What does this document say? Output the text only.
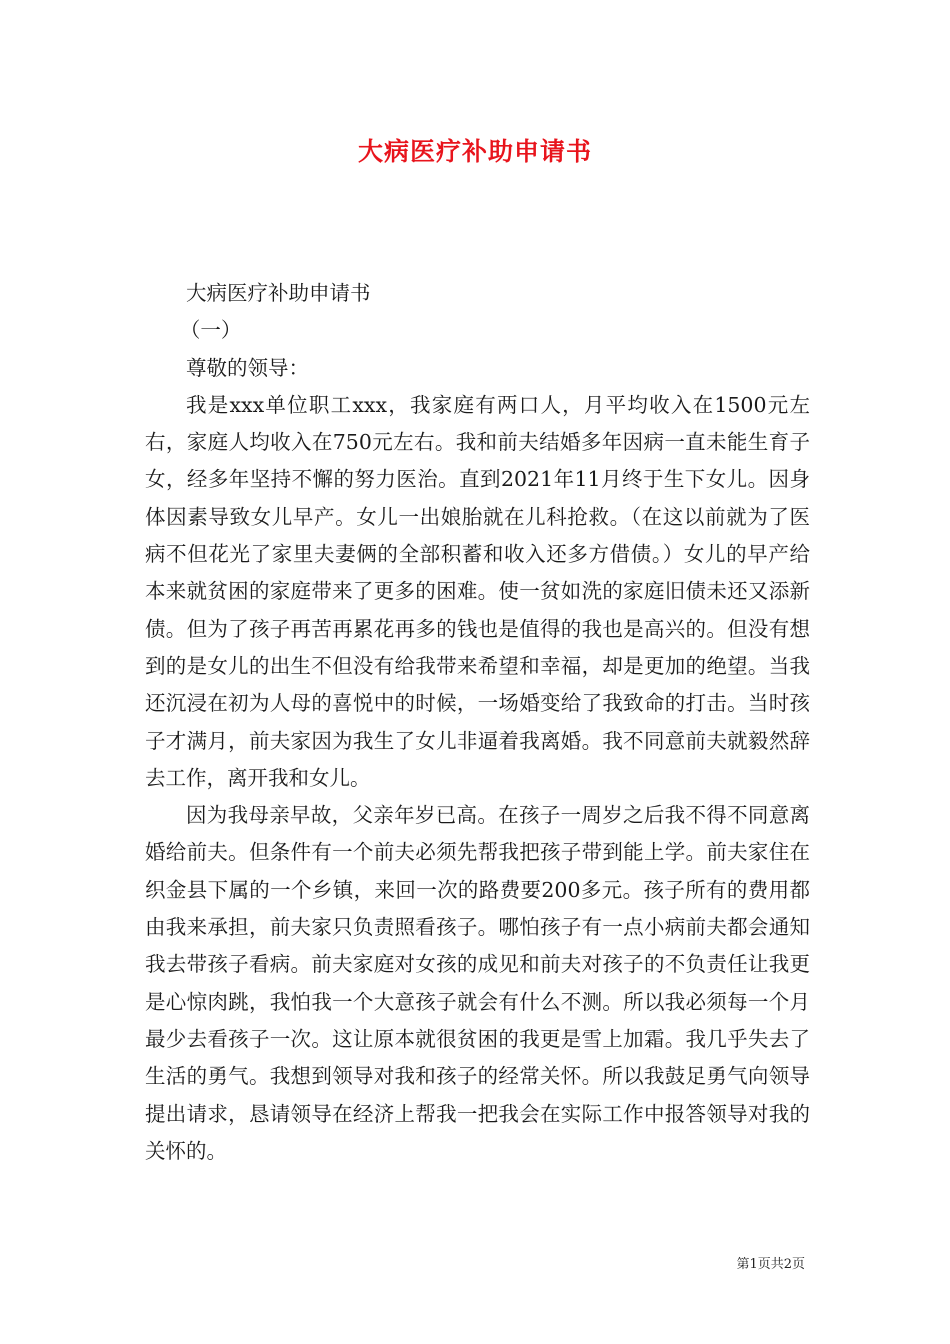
大病医疗补助申请书

大病医疗补助申请书

（一）

尊敬的领导：

我是xxx单位职工xxx，我家庭有两口人，月平均收入在1500元左右，家庭人均收入在750元左右。我和前夫结婚多年因病一直未能生育子女，经多年坚持不懈的努力医治。直到2021年11月终于生下女儿。因身体因素导致女儿早产。女儿一出娘胎就在儿科抢救。（在这以前就为了医病不但花光了家里夫妻俩的全部积蓄和收入还多方借债。）女儿的早产给本来就贫困的家庭带来了更多的困难。使一贫如洗的家庭旧债未还又添新债。但为了孩子再苦再累花再多的钱也是值得的我也是高兴的。但没有想到的是女儿的出生不但没有给我带来希望和幸福，却是更加的绝望。当我还沉浸在初为人母的喜悦中的时候，一场婚变给了我致命的打击。当时孩子才满月，前夫家因为我生了女儿非逼着我离婚。我不同意前夫就毅然辞去工作，离开我和女儿。

因为我母亲早故，父亲年岁已高。在孩子一周岁之后我不得不同意离婚给前夫。但条件有一个前夫必须先帮我把孩子带到能上学。前夫家住在织金县下属的一个乡镇，来回一次的路费要200多元。孩子所有的费用都由我来承担，前夫家只负责照看孩子。哪怕孩子有一点小病前夫都会通知我去带孩子看病。前夫家庭对女孩的成见和前夫对孩子的不负责任让我更是心惊肉跳，我怕我一个大意孩子就会有什么不测。所以我必须每一个月最少去看孩子一次。这让原本就很贫困的我更是雪上加霜。我几乎失去了生活的勇气。我想到领导对我和孩子的经常关怀。所以我鼓足勇气向领导提出请求，恳请领导在经济上帮我一把我会在实际工作中报答领导对我的关怀的。

第1页共2页
